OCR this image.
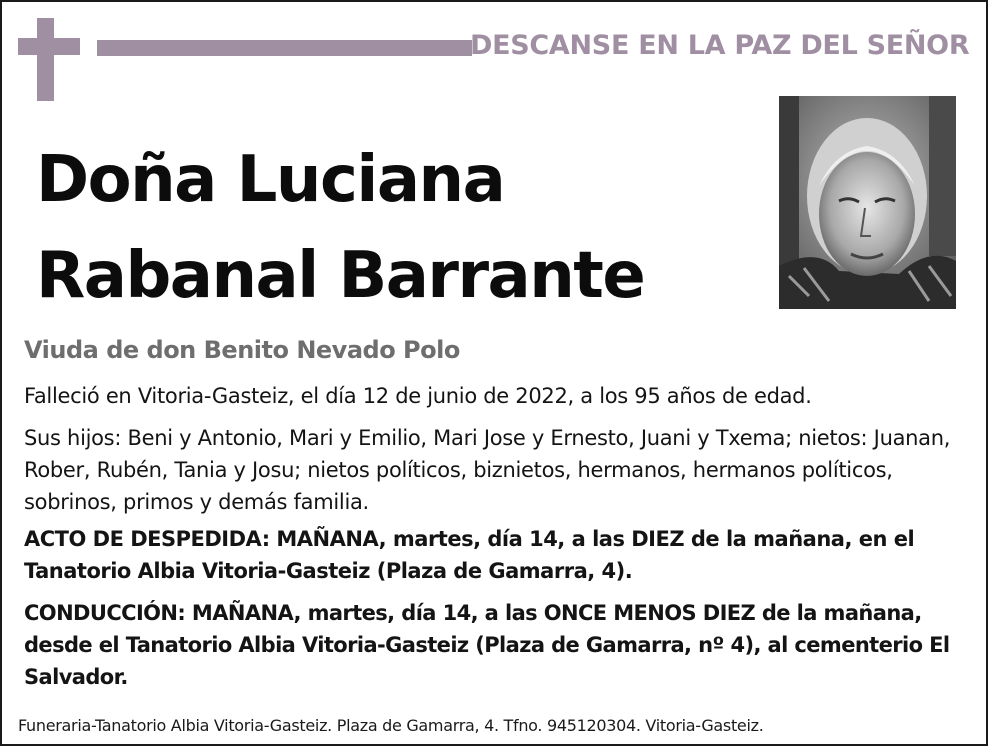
DESCANSE EN LA PAZ DEL SEÑOR
Doña Luciana
Rabanal Barrante
Viuda de don Benito Nevado Polo
Falleció en Vitoria-Gasteiz, el día 12 de junio de 2022, a los 95 años de edad.
Sus hijos: Beni y Antonio, Mari y Emilio, Mari Jose y Ernesto, Juani y Txema; nietos: Juanan, Rober, Rubén, Tania y Josu; nietos políticos, biznietos, hermanos, hermanos políticos, sobrinos, primos y demás familia.
ACTO DE DESPEDIDA: MAÑANA, martes, día 14, a las DIEZ de la mañana, en el Tanatorio Albia Vitoria-Gasteiz (Plaza de Gamarra, 4).
CONDUCCIÓN: MAÑANA, martes, día 14, a las ONCE MENOS DIEZ de la mañana, desde el Tanatorio Albia Vitoria-Gasteiz (Plaza de Gamarra, nº 4), al cementerio El Salvador.
Funeraria-Tanatorio Albia Vitoria-Gasteiz. Plaza de Gamarra, 4. Tfno. 945120304. Vitoria-Gasteiz.
